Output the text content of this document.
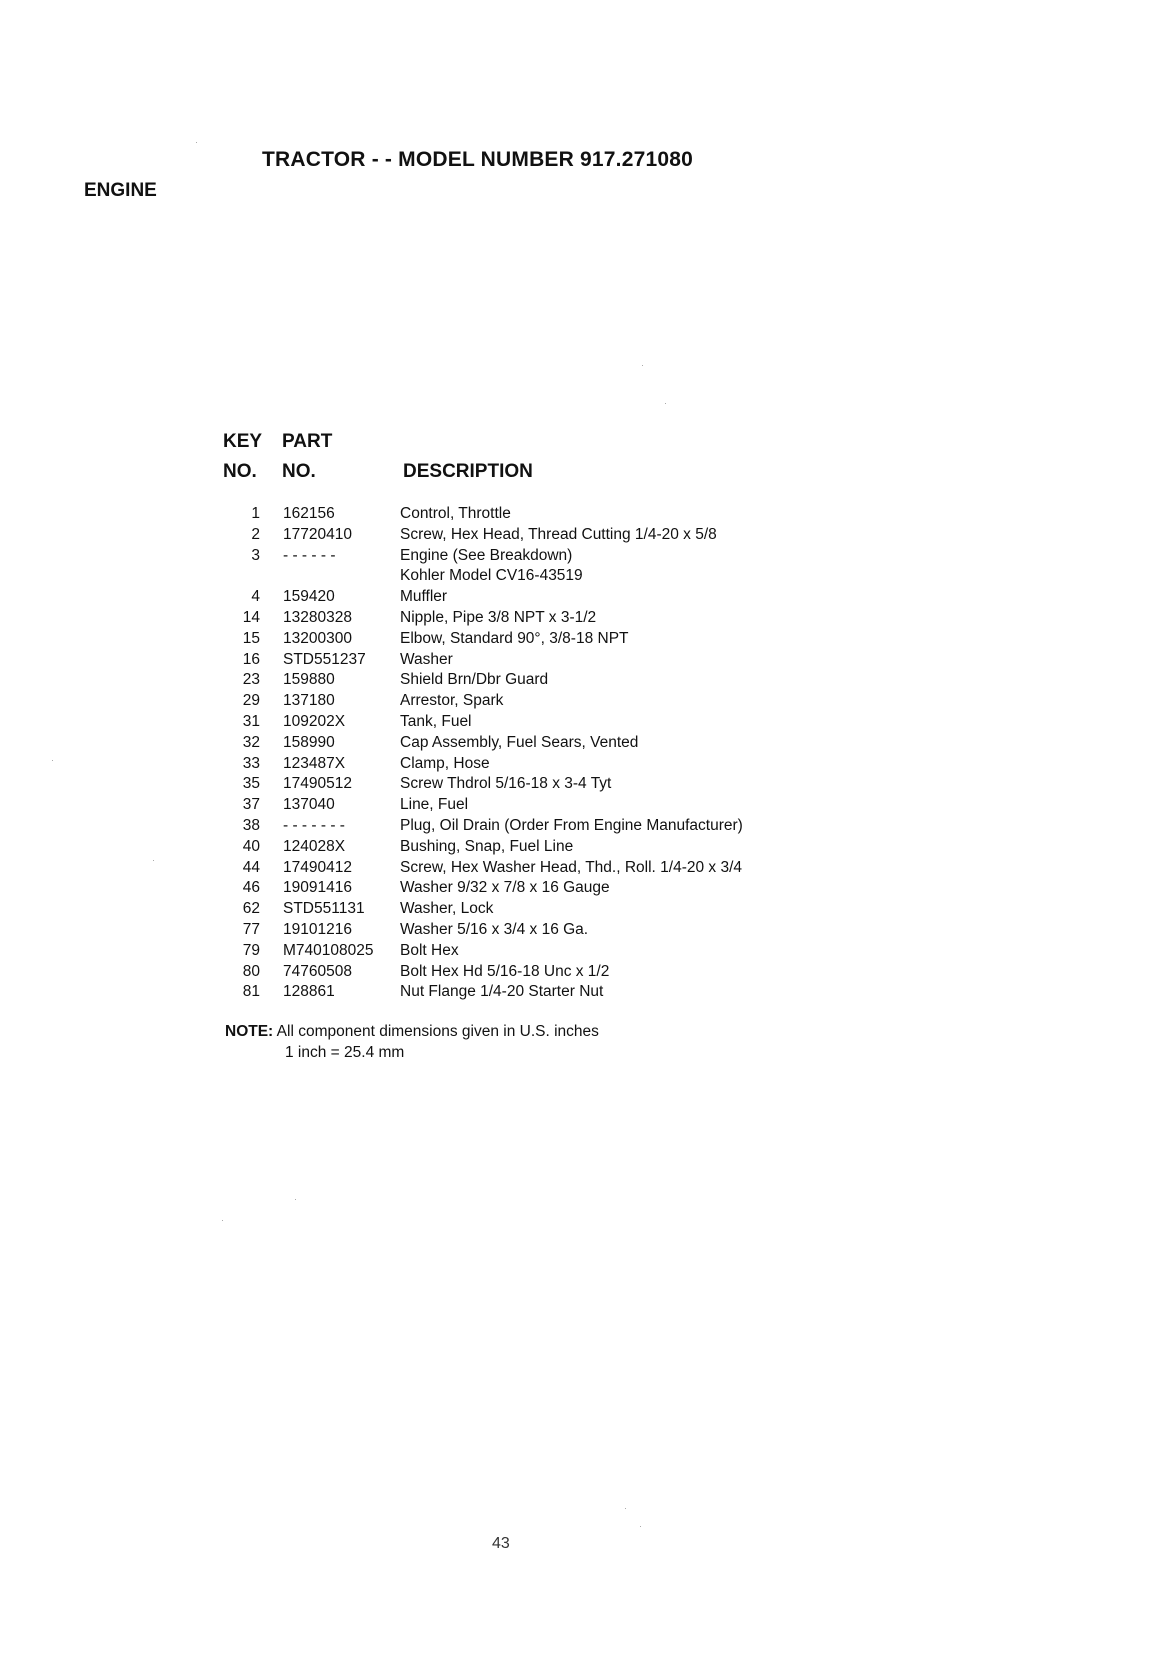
TRACTOR - - MODEL NUMBER 917.271080
ENGINE
KEY PART
NO. NO.	DESCRIPTION
1 162156	Control, Throttle
2 17720410	Screw, Hex Head, Thread Cutting 1/4-20 x 5/8
3 - - - - - -	Engine (See Breakdown)
Kohler Model CV16-43519
4 159420	Muffler
14 13280328	Nipple, Pipe 3/8 NPT x 3-1/2
15 13200300	Elbow, Standard 90°, 3/8-18 NPT
16 STD551237 Washer
23 159880	Shield Brn/Dbr Guard
29 137180	Arrestor, Spark
31 109202X	Tank, Fuel
32 158990	Cap Assembly, Fuel Sears, Vented
33 123487X	Clamp, Hose
35 17490512	Screw Thdrol 5/16-18 x 3-4 Tyt
37 137040	Line, Fuel
38 - - - - - - -	Plug, Oil Drain (Order From Engine Manufacturer)
40 124028X	Bushing, Snap, Fuel Line
44 17490412	Screw, Hex Washer Head, Thd., Roll. 1/4-20 x 3/4
46 19091416	Washer 9/32 x 7/8 x 16 Gauge
62 STD551131 Washer, Lock
77 19101216	Washer 5/16 x 3/4 x 16 Ga.
79 M740108025 Bolt Hex
80 74760508	Bolt Hex Hd 5/16-18 Unc x 1/2
81 128861	Nut Flange 1/4-20 Starter Nut
NOTE: All component dimensions given in U.S. inches
1 inch = 25.4 mm
43
